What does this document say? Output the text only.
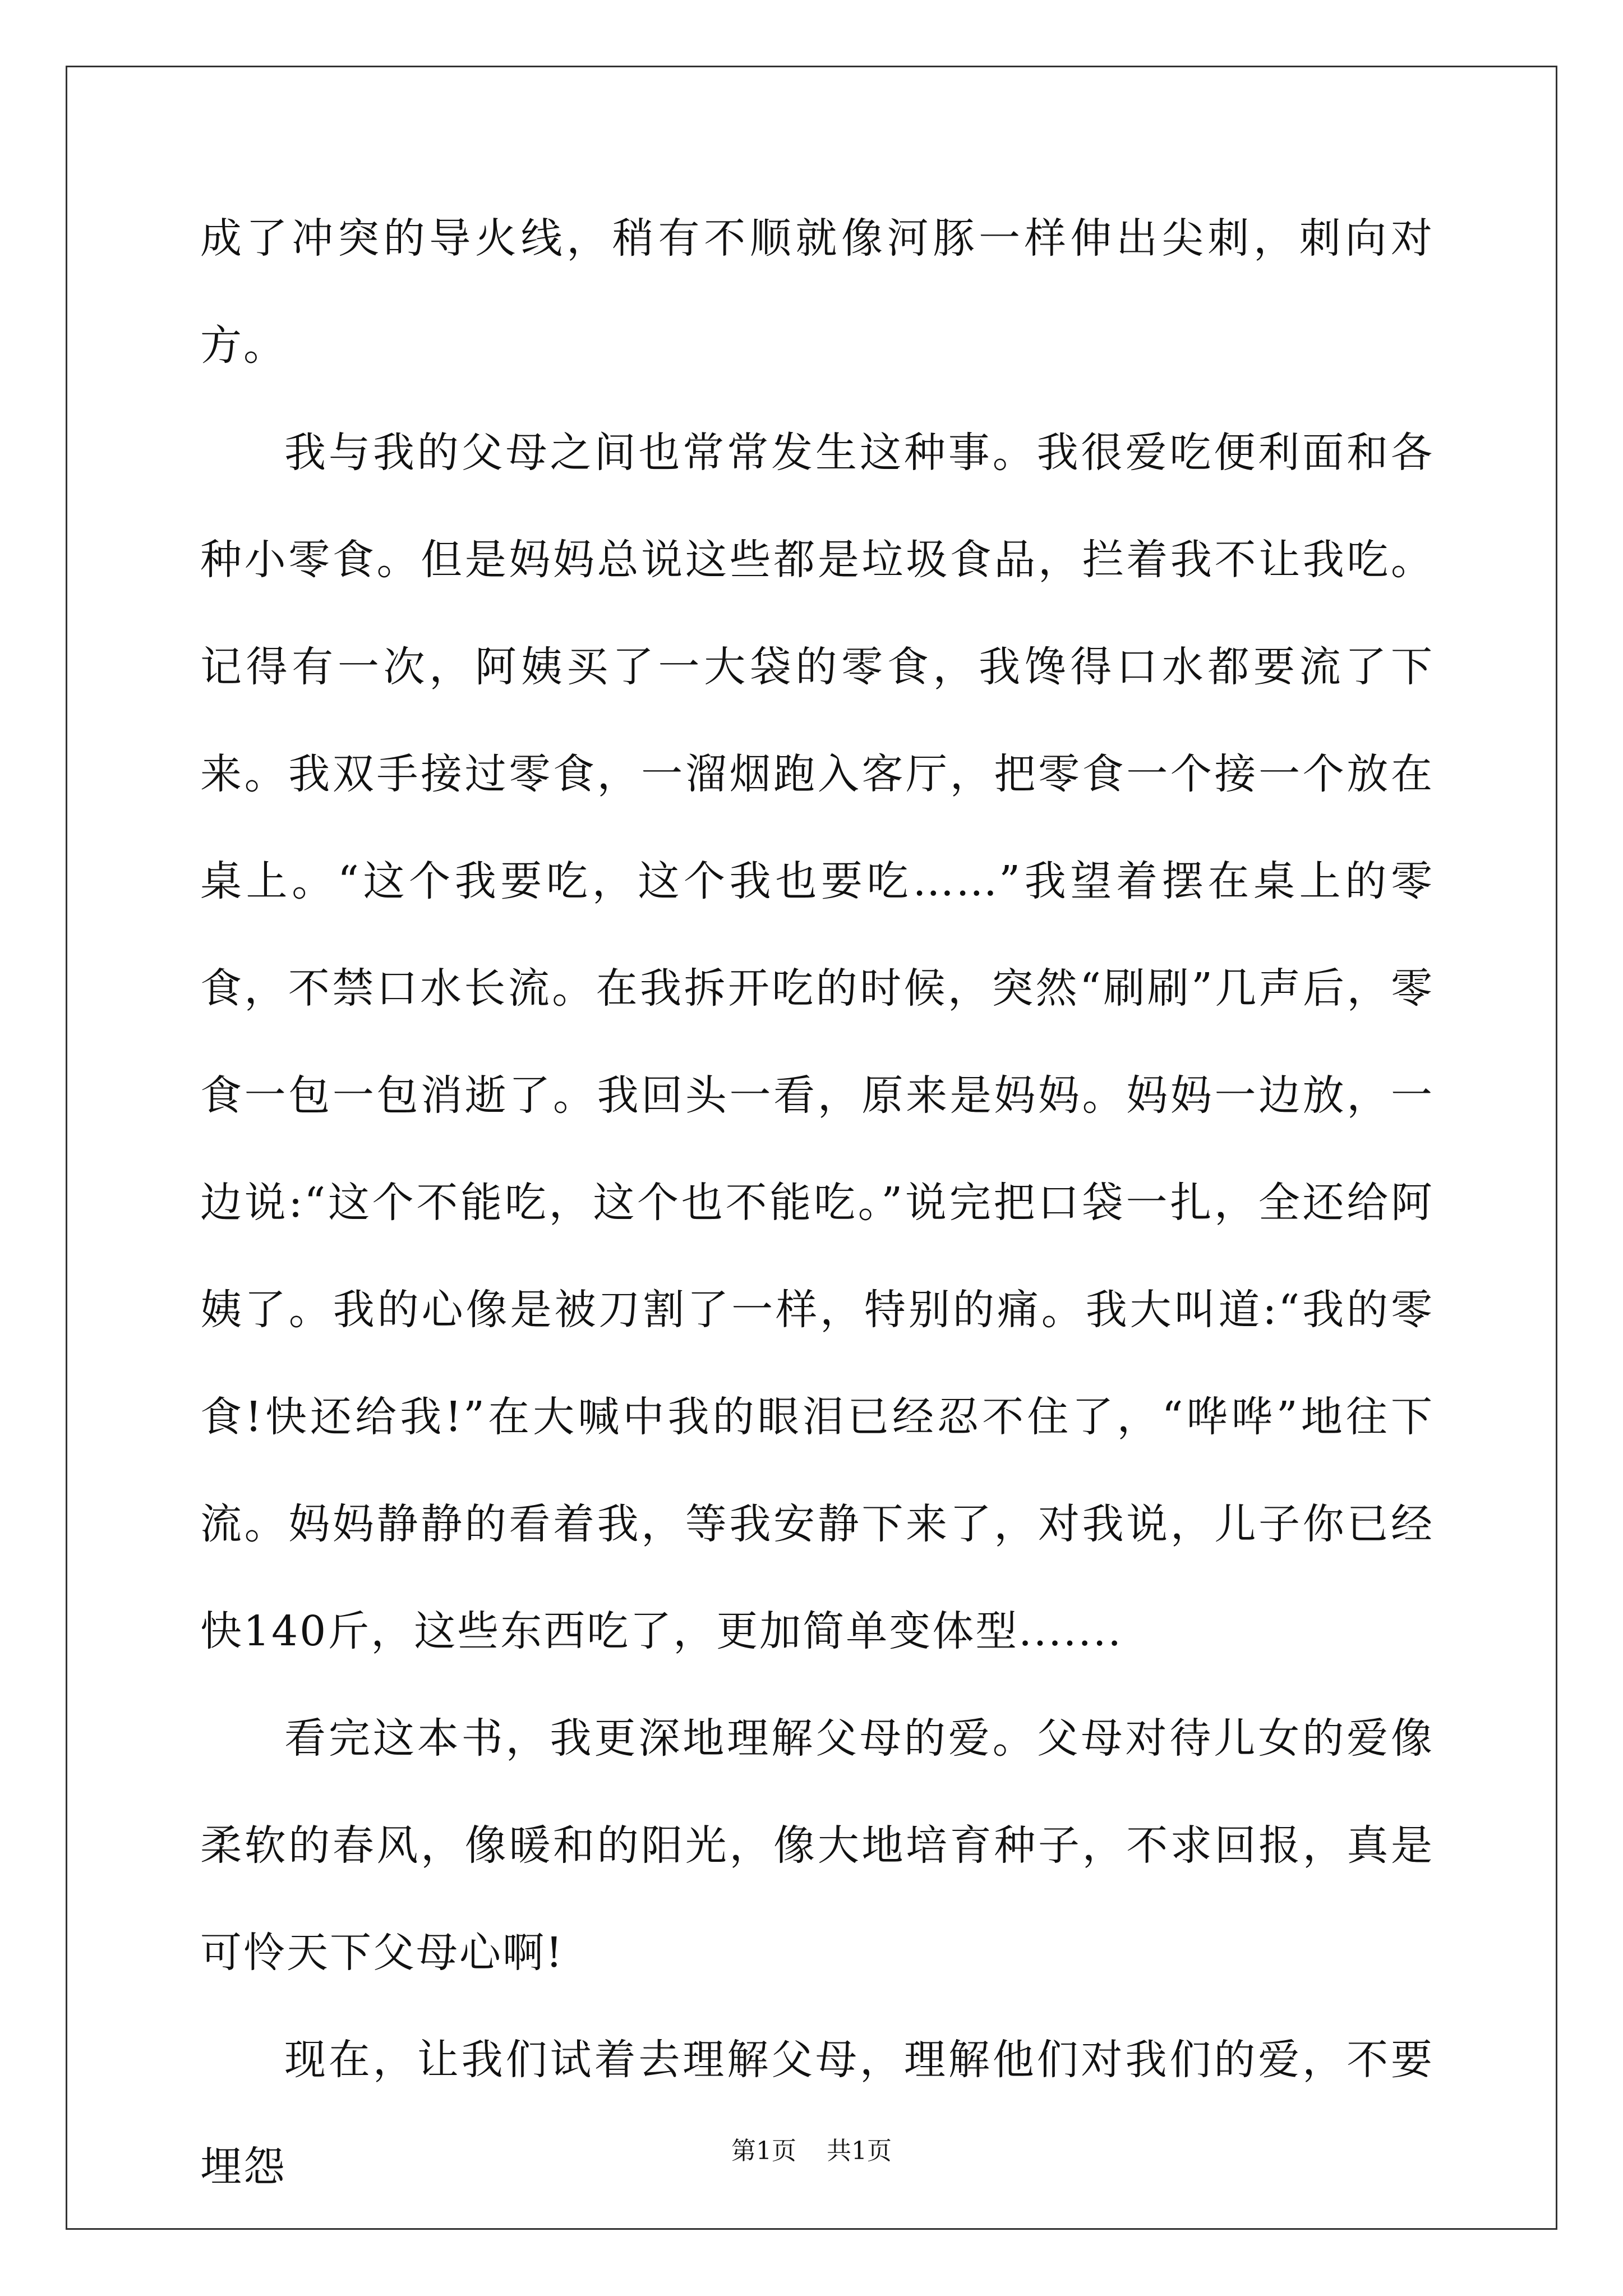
成了冲突的导火线，稍有不顺就像河豚一样伸出尖刺，刺向对方。

我与我的父母之间也常常发生这种事。我很爱吃便利面和各种小零食。但是妈妈总说这些都是垃圾食品，拦着我不让我吃。记得有一次，阿姨买了一大袋的零食，我馋得口水都要流了下来。我双手接过零食，一溜烟跑入客厅，把零食一个接一个放在桌上。“这个我要吃，这个我也要吃……”我望着摆在桌上的零食，不禁口水长流。在我拆开吃的时候，突然“刷刷”几声后，零食一包一包消逝了。我回头一看，原来是妈妈。妈妈一边放，一边说:“这个不能吃，这个也不能吃。”说完把口袋一扎，全还给阿姨了。我的心像是被刀割了一样，特别的痛。我大叫道:“我的零食!快还给我!”在大喊中我的眼泪已经忍不住了，“哗哗”地往下流。妈妈静静的看着我，等我安静下来了，对我说，儿子你已经快140斤，这些东西吃了，更加简单变体型.......

看完这本书，我更深地理解父母的爱。父母对待儿女的爱像柔软的春风，像暖和的阳光，像大地培育种子，不求回报，真是可怜天下父母心啊!

现在，让我们试着去理解父母，理解他们对我们的爱，不要埋怨	第1页 共1页
